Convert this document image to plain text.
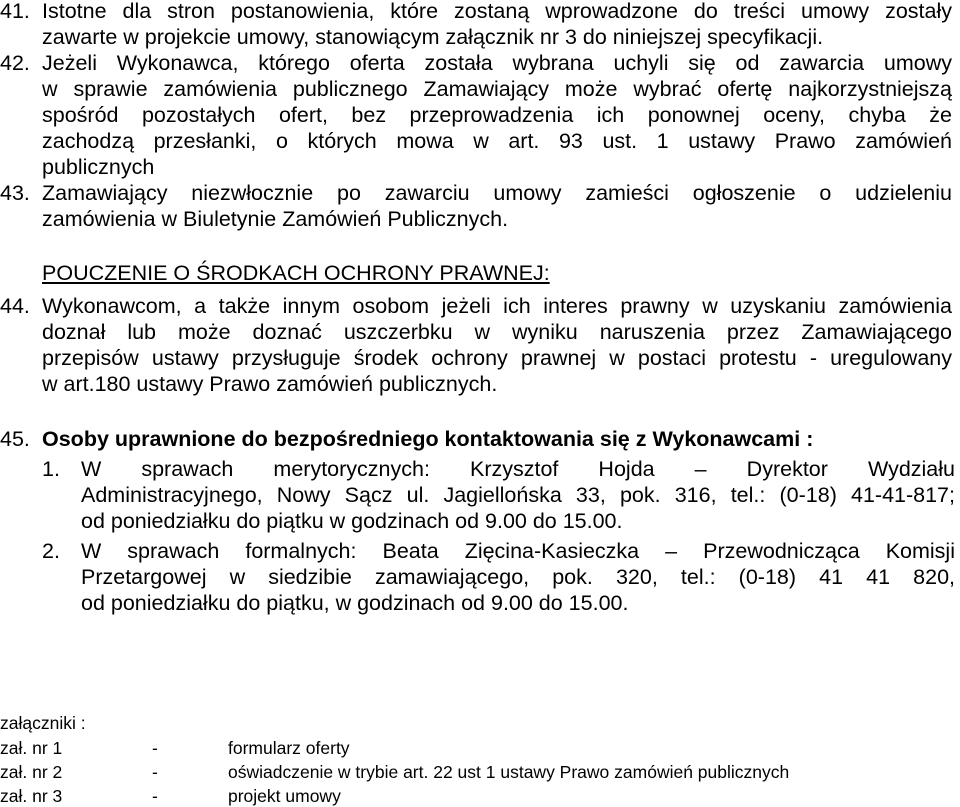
41. Istotne dla stron postanowienia, które zostaną wprowadzone do treści umowy zostały
zawarte w projekcie umowy, stanowiącym załącznik nr 3 do niniejszej specyfikacji.
42. Jeżeli Wykonawca, którego oferta została wybrana uchyli się od zawarcia umowy
w sprawie zamówienia publicznego Zamawiający może wybrać ofertę najkorzystniejszą
spośród pozostałych ofert, bez przeprowadzenia ich ponownej oceny, chyba że
zachodzą przesłanki, o których mowa w art. 93 ust. 1 ustawy Prawo zamówień
publicznych
43. Zamawiający niezwłocznie po zawarciu umowy zamieści ogłoszenie o udzieleniu
zamówienia w Biuletynie Zamówień Publicznych.
POUCZENIE O ŚRODKACH OCHRONY PRAWNEJ:
44. Wykonawcom, a także innym osobom jeżeli ich interes prawny w uzyskaniu zamówienia
doznał lub może doznać uszczerbku w wyniku naruszenia przez Zamawiającego
przepisów ustawy przysługuje środek ochrony prawnej w postaci protestu - uregulowany
w art.180 ustawy Prawo zamówień publicznych.
45. Osoby uprawnione do bezpośredniego kontaktowania się z Wykonawcami :
1. W sprawach merytorycznych: Krzysztof Hojda – Dyrektor Wydziału
Administracyjnego, Nowy Sącz ul. Jagiellońska 33, pok. 316, tel.: (0-18) 41-41-817;
od poniedziałku do piątku w godzinach od 9.00 do 15.00.
2. W sprawach formalnych: Beata Zięcina-Kasieczka – Przewodnicząca Komisji
Przetargowej w siedzibie zamawiającego, pok. 320, tel.: (0-18) 41 41 820,
od poniedziałku do piątku, w godzinach od 9.00 do 15.00.
załączniki :
zał. nr 1	-	formularz oferty
zał. nr 2	-	oświadczenie w trybie art. 22 ust 1 ustawy Prawo zamówień publicznych
zał. nr 3	-	projekt umowy
